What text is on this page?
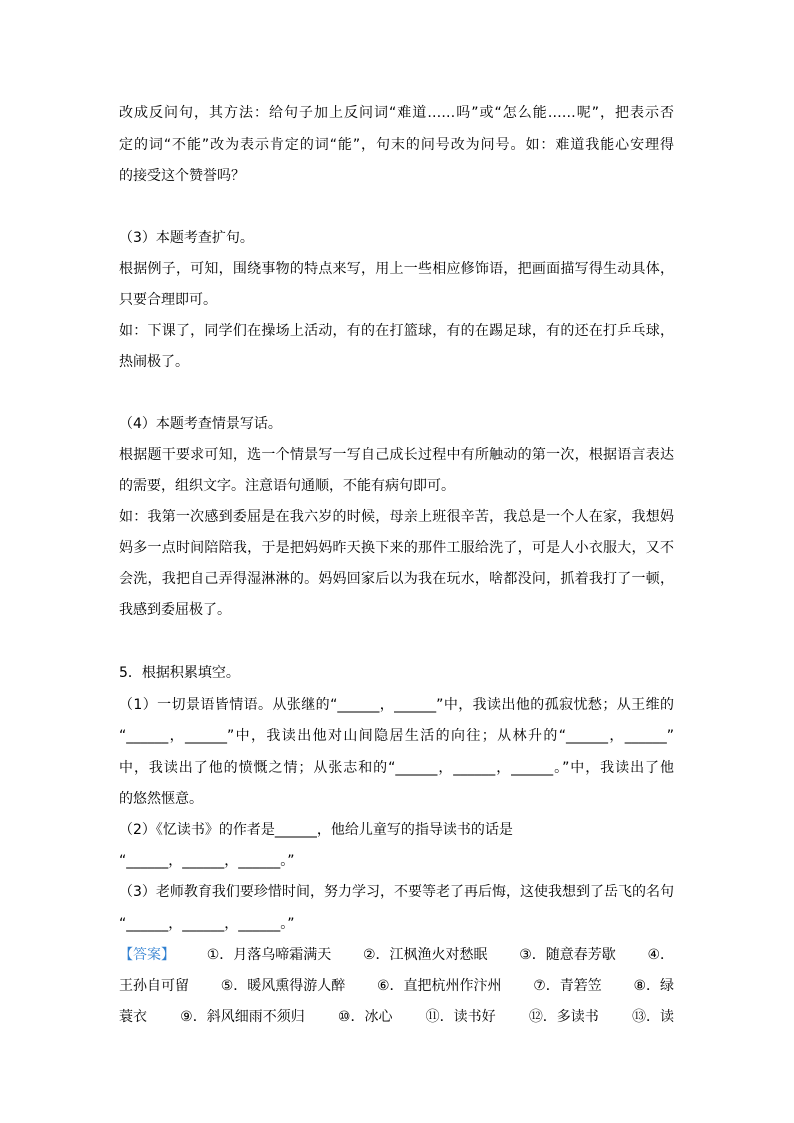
改成反问句，其方法：给句子加上反问词“难道……吗”或“怎么能……呢”，把表示否
定的词“不能”改为表示肯定的词“能”，句末的问号改为问号。如：难道我能心安理得
的接受这个赞誉吗？
（3）本题考查扩句。
根据例子，可知，围绕事物的特点来写，用上一些相应修饰语，把画面描写得生动具体，
只要合理即可。
如：下课了，同学们在操场上活动，有的在打篮球，有的在踢足球，有的还在打乒乓球，
热闹极了。
（4）本题考查情景写话。
根据题干要求可知，选一个情景写一写自己成长过程中有所触动的第一次，根据语言表达
的需要，组织文字。注意语句通顺，不能有病句即可。
如：我第一次感到委屈是在我六岁的时候，母亲上班很辛苦，我总是一个人在家，我想妈
妈多一点时间陪陪我，于是把妈妈昨天换下来的那件工服给洗了，可是人小衣服大，又不
会洗，我把自己弄得湿淋淋的。妈妈回家后以为我在玩水，啥都没问，抓着我打了一顿，
我感到委屈极了。
5．根据积累填空。
（1）一切景语皆情语。从张继的“______，______”中，我读出他的孤寂忧愁；从王维的
“______，______”中，我读出他对山间隐居生活的向往；从林升的“______，______”
中，我读出了他的愤慨之情；从张志和的“______，______，______。”中，我读出了他
的悠然惬意。
（2）《忆读书》的作者是______，他给儿童写的指导读书的话是
“______，______，______。”
（3）老师教育我们要珍惜时间，努力学习，不要等老了再后悔，这使我想到了岳飞的名句
“______，______，______。”
【答案】 ①．月落乌啼霜满天 ②．江枫渔火对愁眠 ③．随意春芳歇 ④．
王孙自可留 ⑤．暖风熏得游人醉 ⑥．直把杭州作汴州 ⑦．青箬笠 ⑧．绿
蓑衣 ⑨．斜风细雨不须归 ⑩．冰心 ⑪．读书好 ⑫．多读书 ⑬．读
